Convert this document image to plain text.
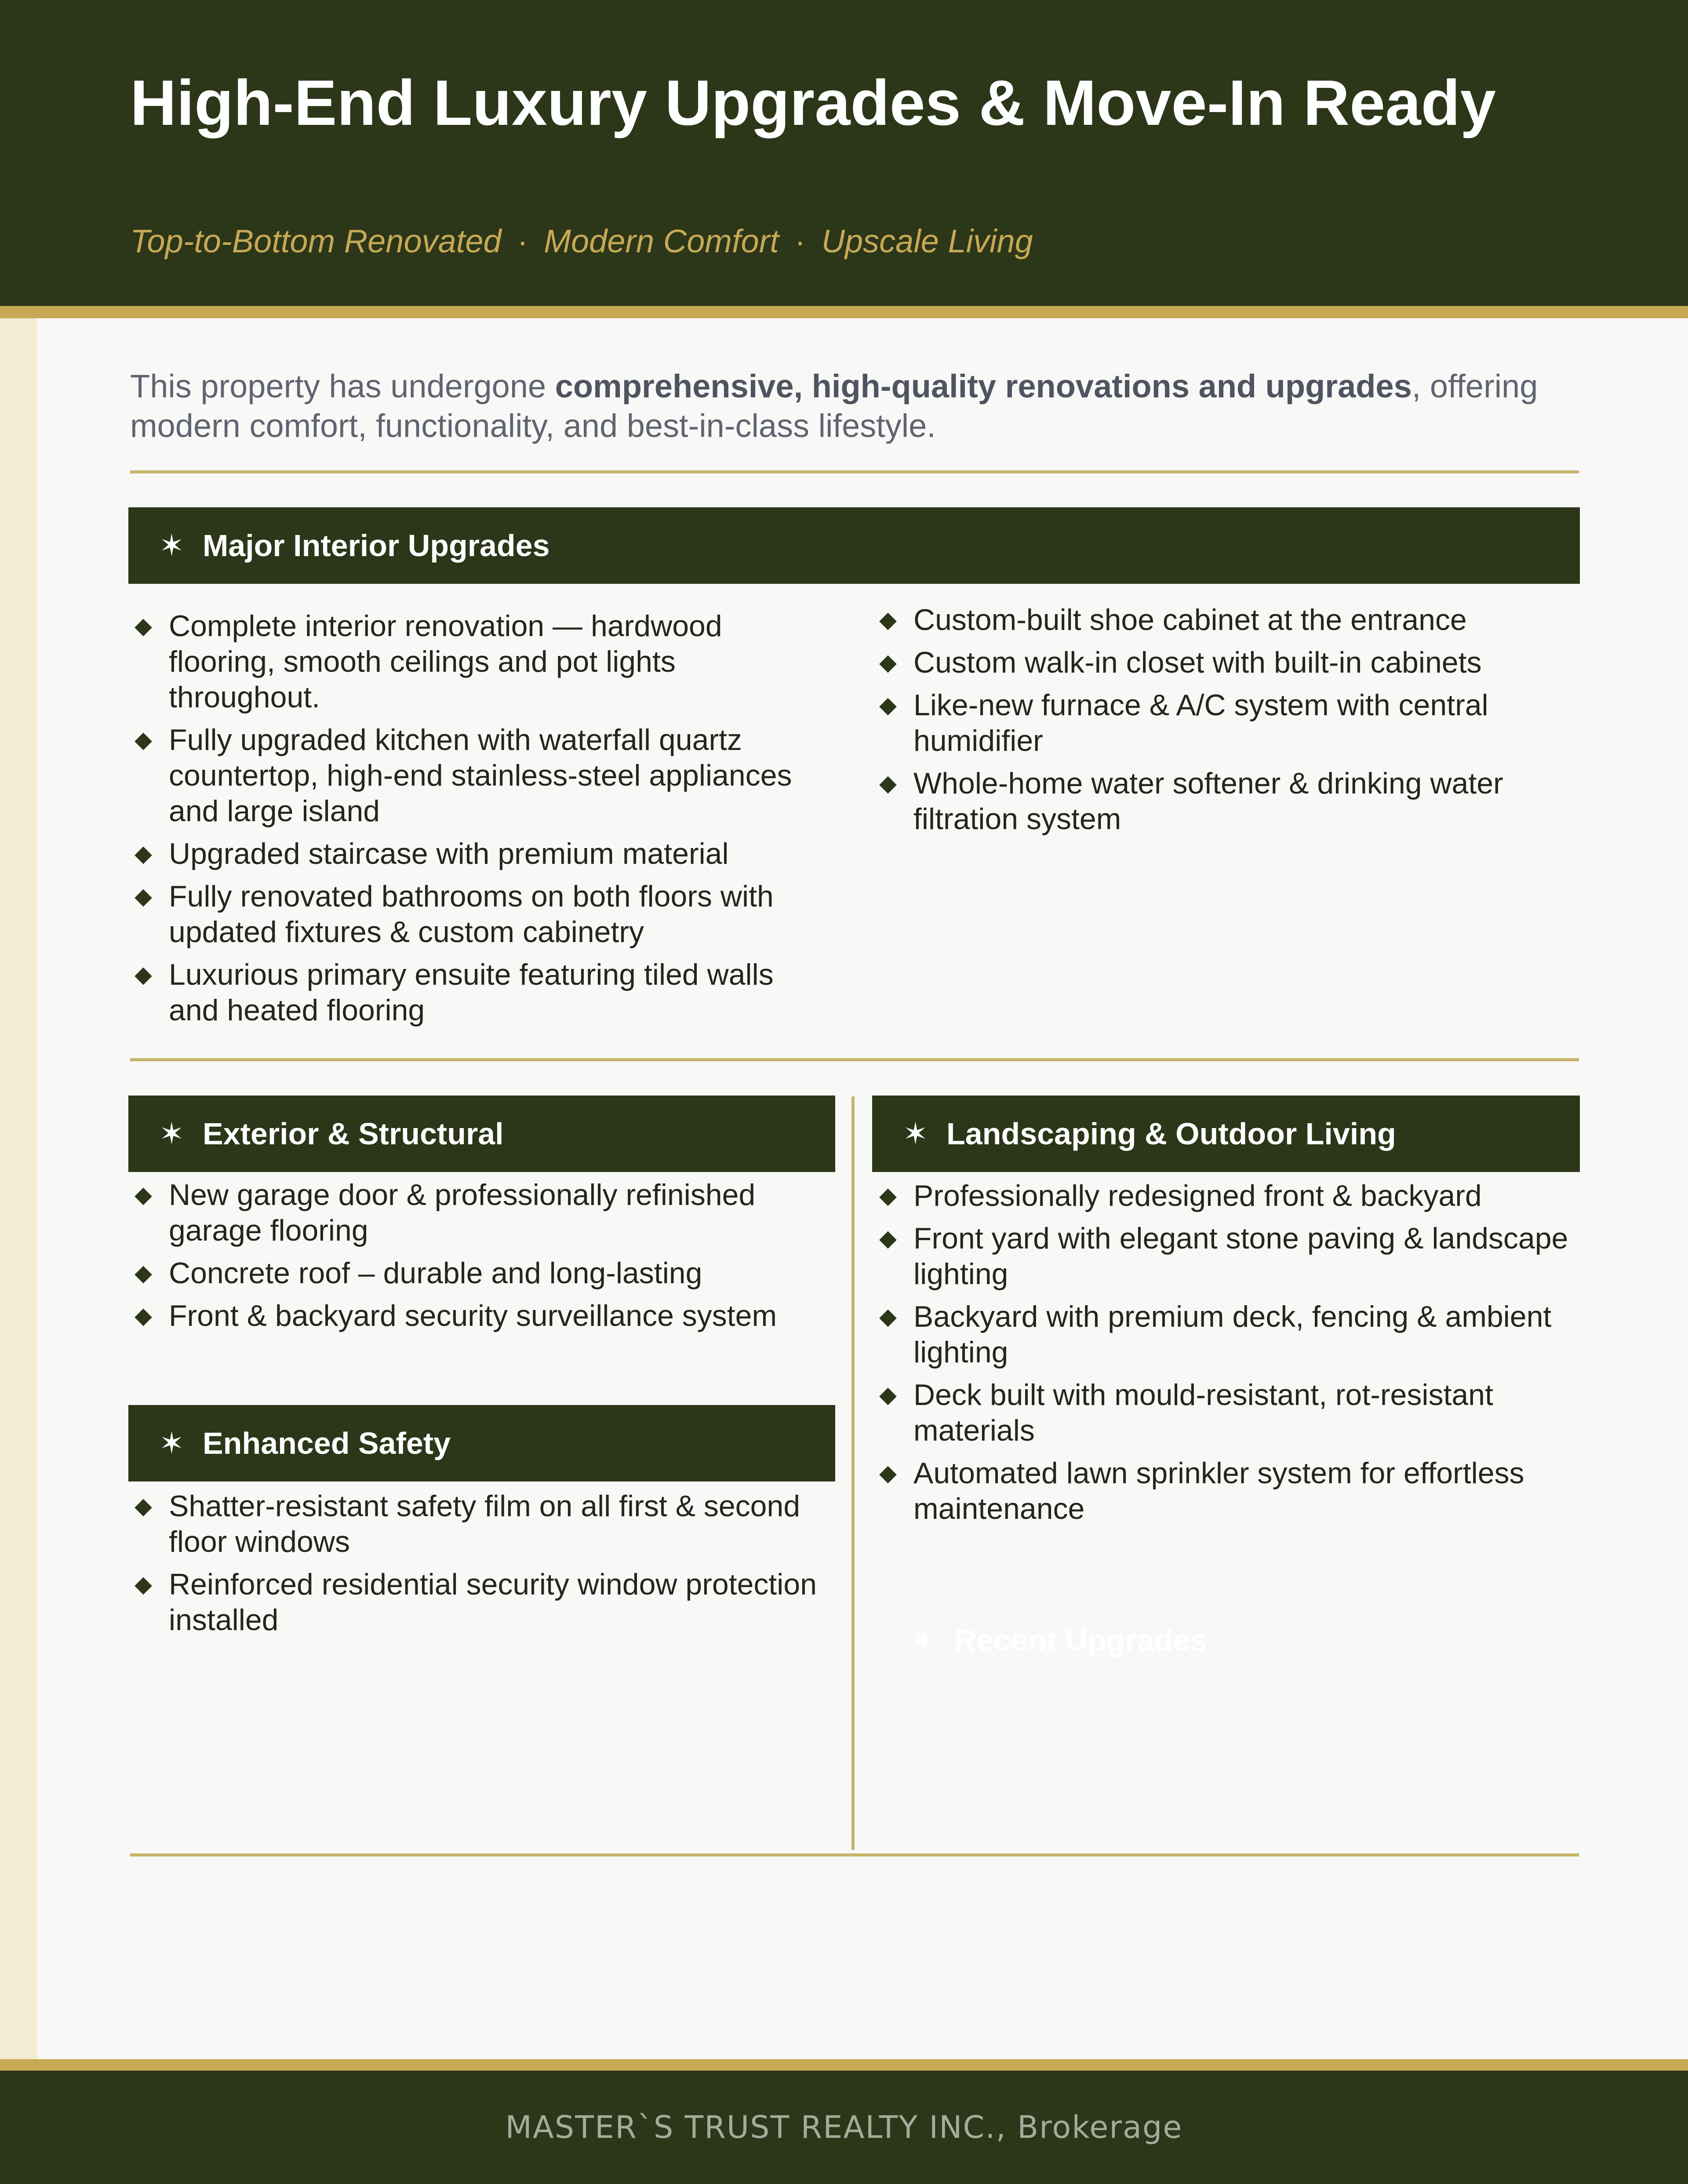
High-End Luxury Upgrades & Move-In Ready
Top-to-Bottom Renovated · Modern Comfort · Upscale Living

This property has undergone comprehensive, high-quality renovations and upgrades, offering modern comfort, functionality, and best-in-class lifestyle.

✶ Major Interior Upgrades
◆ Complete interior renovation — hardwood flooring, smooth ceilings and pot lights throughout.
◆ Fully upgraded kitchen with waterfall quartz countertop, high-end stainless-steel appliances and large island
◆ Upgraded staircase with premium material
◆ Fully renovated bathrooms on both floors with updated fixtures & custom cabinetry
◆ Luxurious primary ensuite featuring tiled walls and heated flooring
◆ Custom-built shoe cabinet at the entrance
◆ Custom walk-in closet with built-in cabinets
◆ Like-new furnace & A/C system with central humidifier
◆ Whole-home water softener & drinking water filtration system
✶ Exterior & Structural
◆ New garage door & professionally refinished garage flooring
◆ Concrete roof – durable and long-lasting
◆ Front & backyard security surveillance system
✶ Enhanced Safety
◆ Shatter-resistant safety film on all first & second floor windows
◆ Reinforced residential security window protection installed
✶ Landscaping & Outdoor Living
◆ Professionally redesigned front & backyard
◆ Front yard with elegant stone paving & landscape lighting
◆ Backyard with premium deck, fencing & ambient lighting
◆ Deck built with mould-resistant, rot-resistant materials
◆ Automated lawn sprinkler system for effortless maintenance
✶ Recent Upgrades
MASTER`S TRUST REALTY INC., Brokerage
